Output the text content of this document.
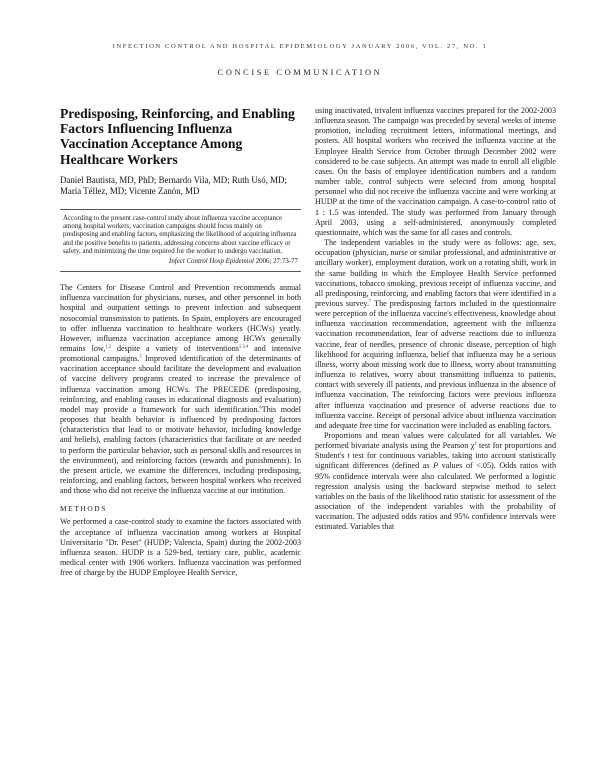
INFECTION CONTROL AND HOSPITAL EPIDEMIOLOGY JANUARY 2006, VOL. 27, NO. 1
CONCISE COMMUNICATION
Predisposing, Reinforcing, and Enabling Factors Influencing Influenza Vaccination Acceptance Among Healthcare Workers
Daniel Bautista, MD, PhD; Bernardo Vila, MD; Ruth Usó, MD; María Téllez, MD; Vicente Zanón, MD
According to the present case-control study about influenza vaccine acceptance among hospital workers, vaccination campaigns should focus mainly on predisposing and enabling factors, emphasizing the likelihood of acquiring influenza and the positive benefits to patients, addressing concerns about vaccine efficacy or safety, and minimizing the time required for the worker to undergo vaccination.
Infect Control Hosp Epidemiol 2006; 27:73-77

The Centers for Disease Control and Prevention recommends annual influenza vaccination for physicians, nurses, and other personnel in both hospital and outpatient settings to prevent infection and subsequent nosocomial transmission to patients. In Spain, employers are encouraged to offer influenza vaccination to healthcare workers (HCWs) yearly. However, influenza vaccination acceptance among HCWs generally remains low,$^{1,2}$ despite a variety of interventions$^{1,3,4}$ and intensive promotional campaigns.$^5$ Improved identification of the determinants of vaccination acceptance should facilitate the development and evaluation of vaccine delivery programs created to increase the prevalence of influenza vaccination among HCWs. The PRECEDE (predisposing, reinforcing, and enabling causes in educational diagnosis and evaluation) model may provide a framework for such identification.$^6$This model proposes that health behavior is influenced by predisposing factors (characteristics that lead to or motivate behavior, including knowledge and beliefs), enabling factors (characteristics that facilitate or are needed to perform the particular behavior, such as personal skills and resources in the environment), and reinforcing factors (rewards and punishments). In the present article, we examine the differences, including predisposing, reinforcing, and enabling factors, between hospital workers who received and those who did not receive the influenza vaccine at our institution.

METHODS

We performed a case-control study to examine the factors associated with the acceptance of influenza vaccination among workers at Hospital Universitario "Dr. Peset" (HUDP; Valencia, Spain) during the 2002-2003 influenza season. HUDP is a 529-bed, tertiary care, public, academic medical center with 1906 workers. Influenza vaccination was performed free of charge by the HUDP Employee Health Service,

using inactivated, trivalent influenza vaccines prepared for the 2002-2003 influenza season. The campaign was preceded by several weeks of intense promotion, including recruitment letters, informational meetings, and posters. All hospital workers who received the influenza vaccine at the Employee Health Service from October through December 2002 were considered to be case subjects. An attempt was made to enroll all eligible cases. On the basis of employee identification numbers and a random number table, control subjects were selected from among hospital personnel who did not receive the influenza vaccine and were working at HUDP at the time of the vaccination campaign. A case-to-control ratio of 1 : 1.5 was intended. The study was performed from January through April 2003, using a self-administered, anonymously completed questionnaire, which was the same for all cases and controls.

The independent variables in the study were as follows: age, sex, occupation (physician, nurse or similar professional, and administrative or ancillary worker), employment duration, work on a rotating shift, work in the same building in which the Employee Health Service performed vaccinations, tobacco smoking, previous receipt of influenza vaccine, and all predisposing, reinforcing, and enabling factors that were identified in a previous survey.$^7$ The predisposing factors included in the questionnaire were perception of the influenza vaccine's effectiveness, knowledge about influenza vaccination recommendation, agreement with the influenza vaccination recommendation, fear of adverse reactions due to influenza vaccine, fear of needles, presence of chronic disease, perception of high likelihood for acquiring influenza, belief that influenza may be a serious illness, worry about missing work due to illness, worry about transmitting influenza to relatives, worry about transmitting influenza to patients, contact with severely ill patients, and previous influenza in the absence of influenza vaccination. The reinforcing factors were previous influenza after influenza vaccination and presence of adverse reactions due to influenza vaccine. Receipt of personal advice about influenza vaccination and adequate free time for vaccination were included as enabling factors.

Proportions and mean values were calculated for all variables. We performed bivariate analysis using the Pearson $\chi^2$ test for proportions and Student's t test for continuous variables, taking into account statistically significant differences (defined as P values of <.05). Odds ratios with 95% confidence intervals were also calculated. We performed a logistic regression analysis using the backward stepwise method to select variables on the basis of the likelihood ratio statistic for assessment of the association of the independent variables with the probability of vaccination. The adjusted odds ratios and 95% confidence intervals were estimated. Variables that
